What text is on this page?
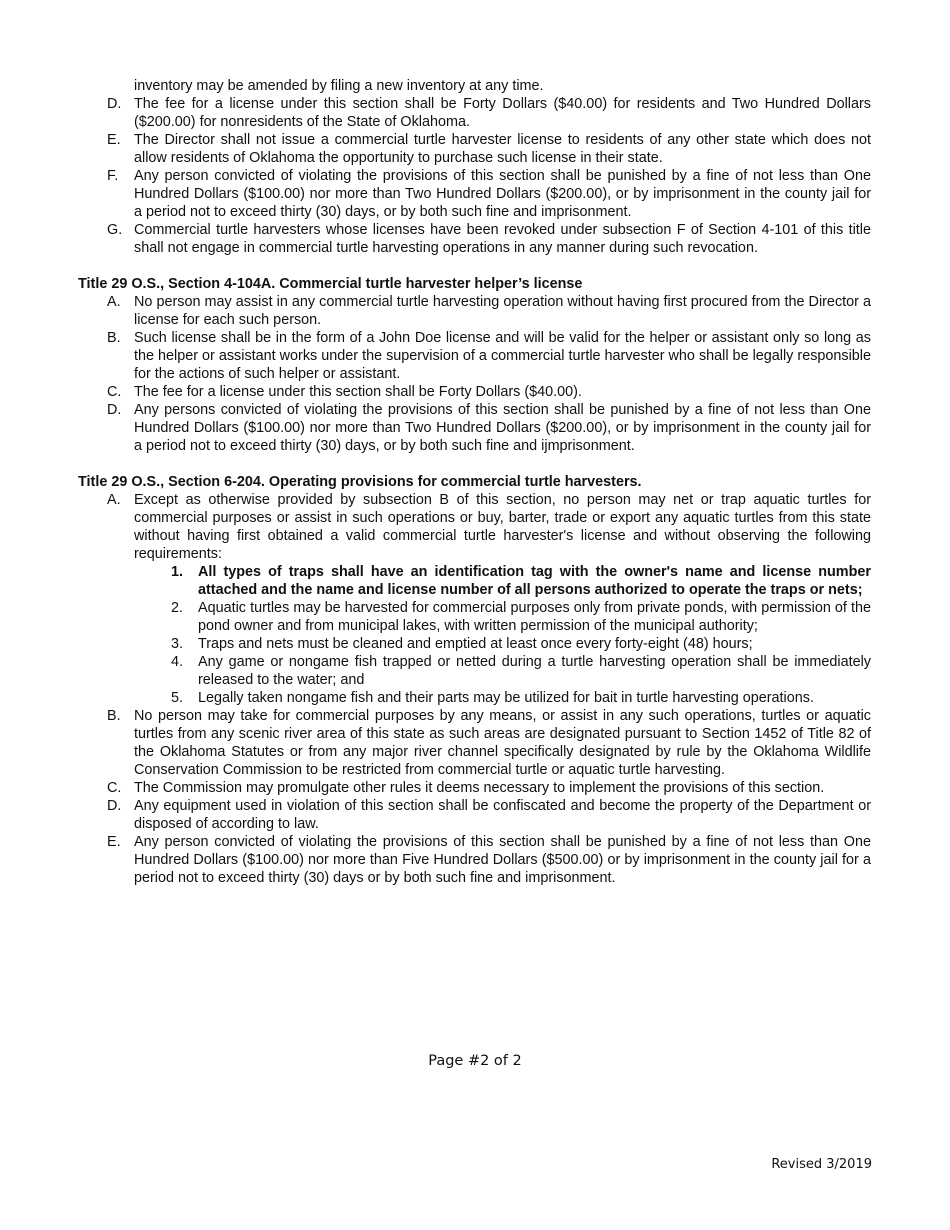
inventory may be amended by filing a new inventory at any time.
D. The fee for a license under this section shall be Forty Dollars ($40.00) for residents and Two Hundred Dollars ($200.00) for nonresidents of the State of Oklahoma.
E. The Director shall not issue a commercial turtle harvester license to residents of any other state which does not allow residents of Oklahoma the opportunity to purchase such license in their state.
F. Any person convicted of violating the provisions of this section shall be punished by a fine of not less than One Hundred Dollars ($100.00) nor more than Two Hundred Dollars ($200.00), or by imprisonment in the county jail for a period not to exceed thirty (30) days, or by both such fine and imprisonment.
G. Commercial turtle harvesters whose licenses have been revoked under subsection F of Section 4-101 of this title shall not engage in commercial turtle harvesting operations in any manner during such revocation.
Title 29 O.S., Section 4-104A. Commercial turtle harvester helper’s license
A. No person may assist in any commercial turtle harvesting operation without having first procured from the Director a license for each such person.
B. Such license shall be in the form of a John Doe license and will be valid for the helper or assistant only so long as the helper or assistant works under the supervision of a commercial turtle harvester who shall be legally responsible for the actions of such helper or assistant.
C. The fee for a license under this section shall be Forty Dollars ($40.00).
D. Any persons convicted of violating the provisions of this section shall be punished by a fine of not less than One Hundred Dollars ($100.00) nor more than Two Hundred Dollars ($200.00), or by imprisonment in the county jail for a period not to exceed thirty (30) days, or by both such fine and ijmprisonment.
Title 29 O.S., Section 6-204. Operating provisions for commercial turtle harvesters.
A. Except as otherwise provided by subsection B of this section, no person may net or trap aquatic turtles for commercial purposes or assist in such operations or buy, barter, trade or export any aquatic turtles from this state without having first obtained a valid commercial turtle harvester's license and without observing the following requirements:
1. All types of traps shall have an identification tag with the owner's name and license number attached and the name and license number of all persons authorized to operate the traps or nets;
2. Aquatic turtles may be harvested for commercial purposes only from private ponds, with permission of the pond owner and from municipal lakes, with written permission of the municipal authority;
3. Traps and nets must be cleaned and emptied at least once every forty-eight (48) hours;
4. Any game or nongame fish trapped or netted during a turtle harvesting operation shall be immediately released to the water; and
5. Legally taken nongame fish and their parts may be utilized for bait in turtle harvesting operations.
B. No person may take for commercial purposes by any means, or assist in any such operations, turtles or aquatic turtles from any scenic river area of this state as such areas are designated pursuant to Section 1452 of Title 82 of the Oklahoma Statutes or from any major river channel specifically designated by rule by the Oklahoma Wildlife Conservation Commission to be restricted from commercial turtle or aquatic turtle harvesting.
C. The Commission may promulgate other rules it deems necessary to implement the provisions of this section.
D. Any equipment used in violation of this section shall be confiscated and become the property of the Department or disposed of according to law.
E. Any person convicted of violating the provisions of this section shall be punished by a fine of not less than One Hundred Dollars ($100.00) nor more than Five Hundred Dollars ($500.00) or by imprisonment in the county jail for a period not to exceed thirty (30) days or by both such fine and imprisonment.
Page #2 of 2
Revised 3/2019
